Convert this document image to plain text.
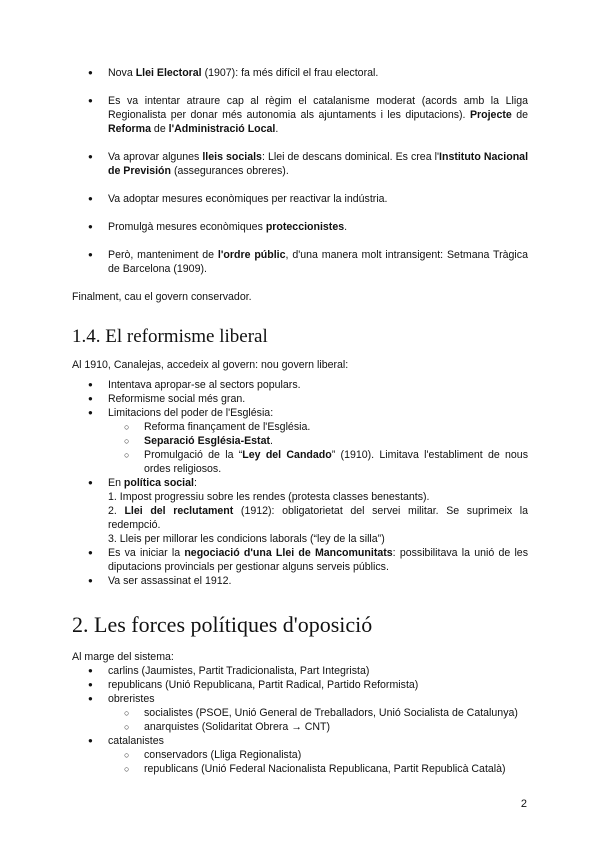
● Nova Llei Electoral (1907): fa més difícil el frau electoral.
● Es va intentar atraure cap al règim el catalanisme moderat (acords amb la Lliga Regionalista per donar més autonomia als ajuntaments i les diputacions). Projecte de Reforma de l'Administració Local.
● Va aprovar algunes lleis socials: Llei de descans dominical. Es crea l'Instituto Nacional de Previsión (assegurances obreres).
● Va adoptar mesures econòmiques per reactivar la indústria.
● Promulgà mesures econòmiques proteccionistes.
● Però, manteniment de l'ordre públic, d'una manera molt intransigent: Setmana Tràgica de Barcelona (1909).

Finalment, cau el govern conservador.

1.4. El reformisme liberal

Al 1910, Canalejas, accedeix al govern: nou govern liberal:

● Intentava apropar-se al sectors populars.
● Reformisme social més gran.
● Limitacions del poder de l'Església:
○ Reforma finançament de l'Església.
○ Separació Església-Estat.
○ Promulgació de la “Ley del Candado” (1910). Limitava l'establiment de nous ordes religiosos.
● En política social:
1. Impost progressiu sobre les rendes (protesta classes benestants).
2. Llei del reclutament (1912): obligatorietat del servei militar. Se suprimeix la redempció.
3. Lleis per millorar les condicions laborals (“ley de la silla”)
● Es va iniciar la negociació d'una Llei de Mancomunitats: possibilitava la unió de les diputacions provincials per gestionar alguns serveis públics.
● Va ser assassinat el 1912.
2. Les forces polítiques d'oposició

Al marge del sistema:

● carlins (Jaumistes, Partit Tradicionalista, Part Integrista)
● republicans (Unió Republicana, Partit Radical, Partido Reformista)
● obreristes
○ socialistes (PSOE, Unió General de Treballadors, Unió Socialista de Catalunya)
○ anarquistes (Solidaritat Obrera → CNT)
● catalanistes
○ conservadors (Lliga Regionalista)
○ republicans (Unió Federal Nacionalista Republicana, Partit Republicà Català)
2
